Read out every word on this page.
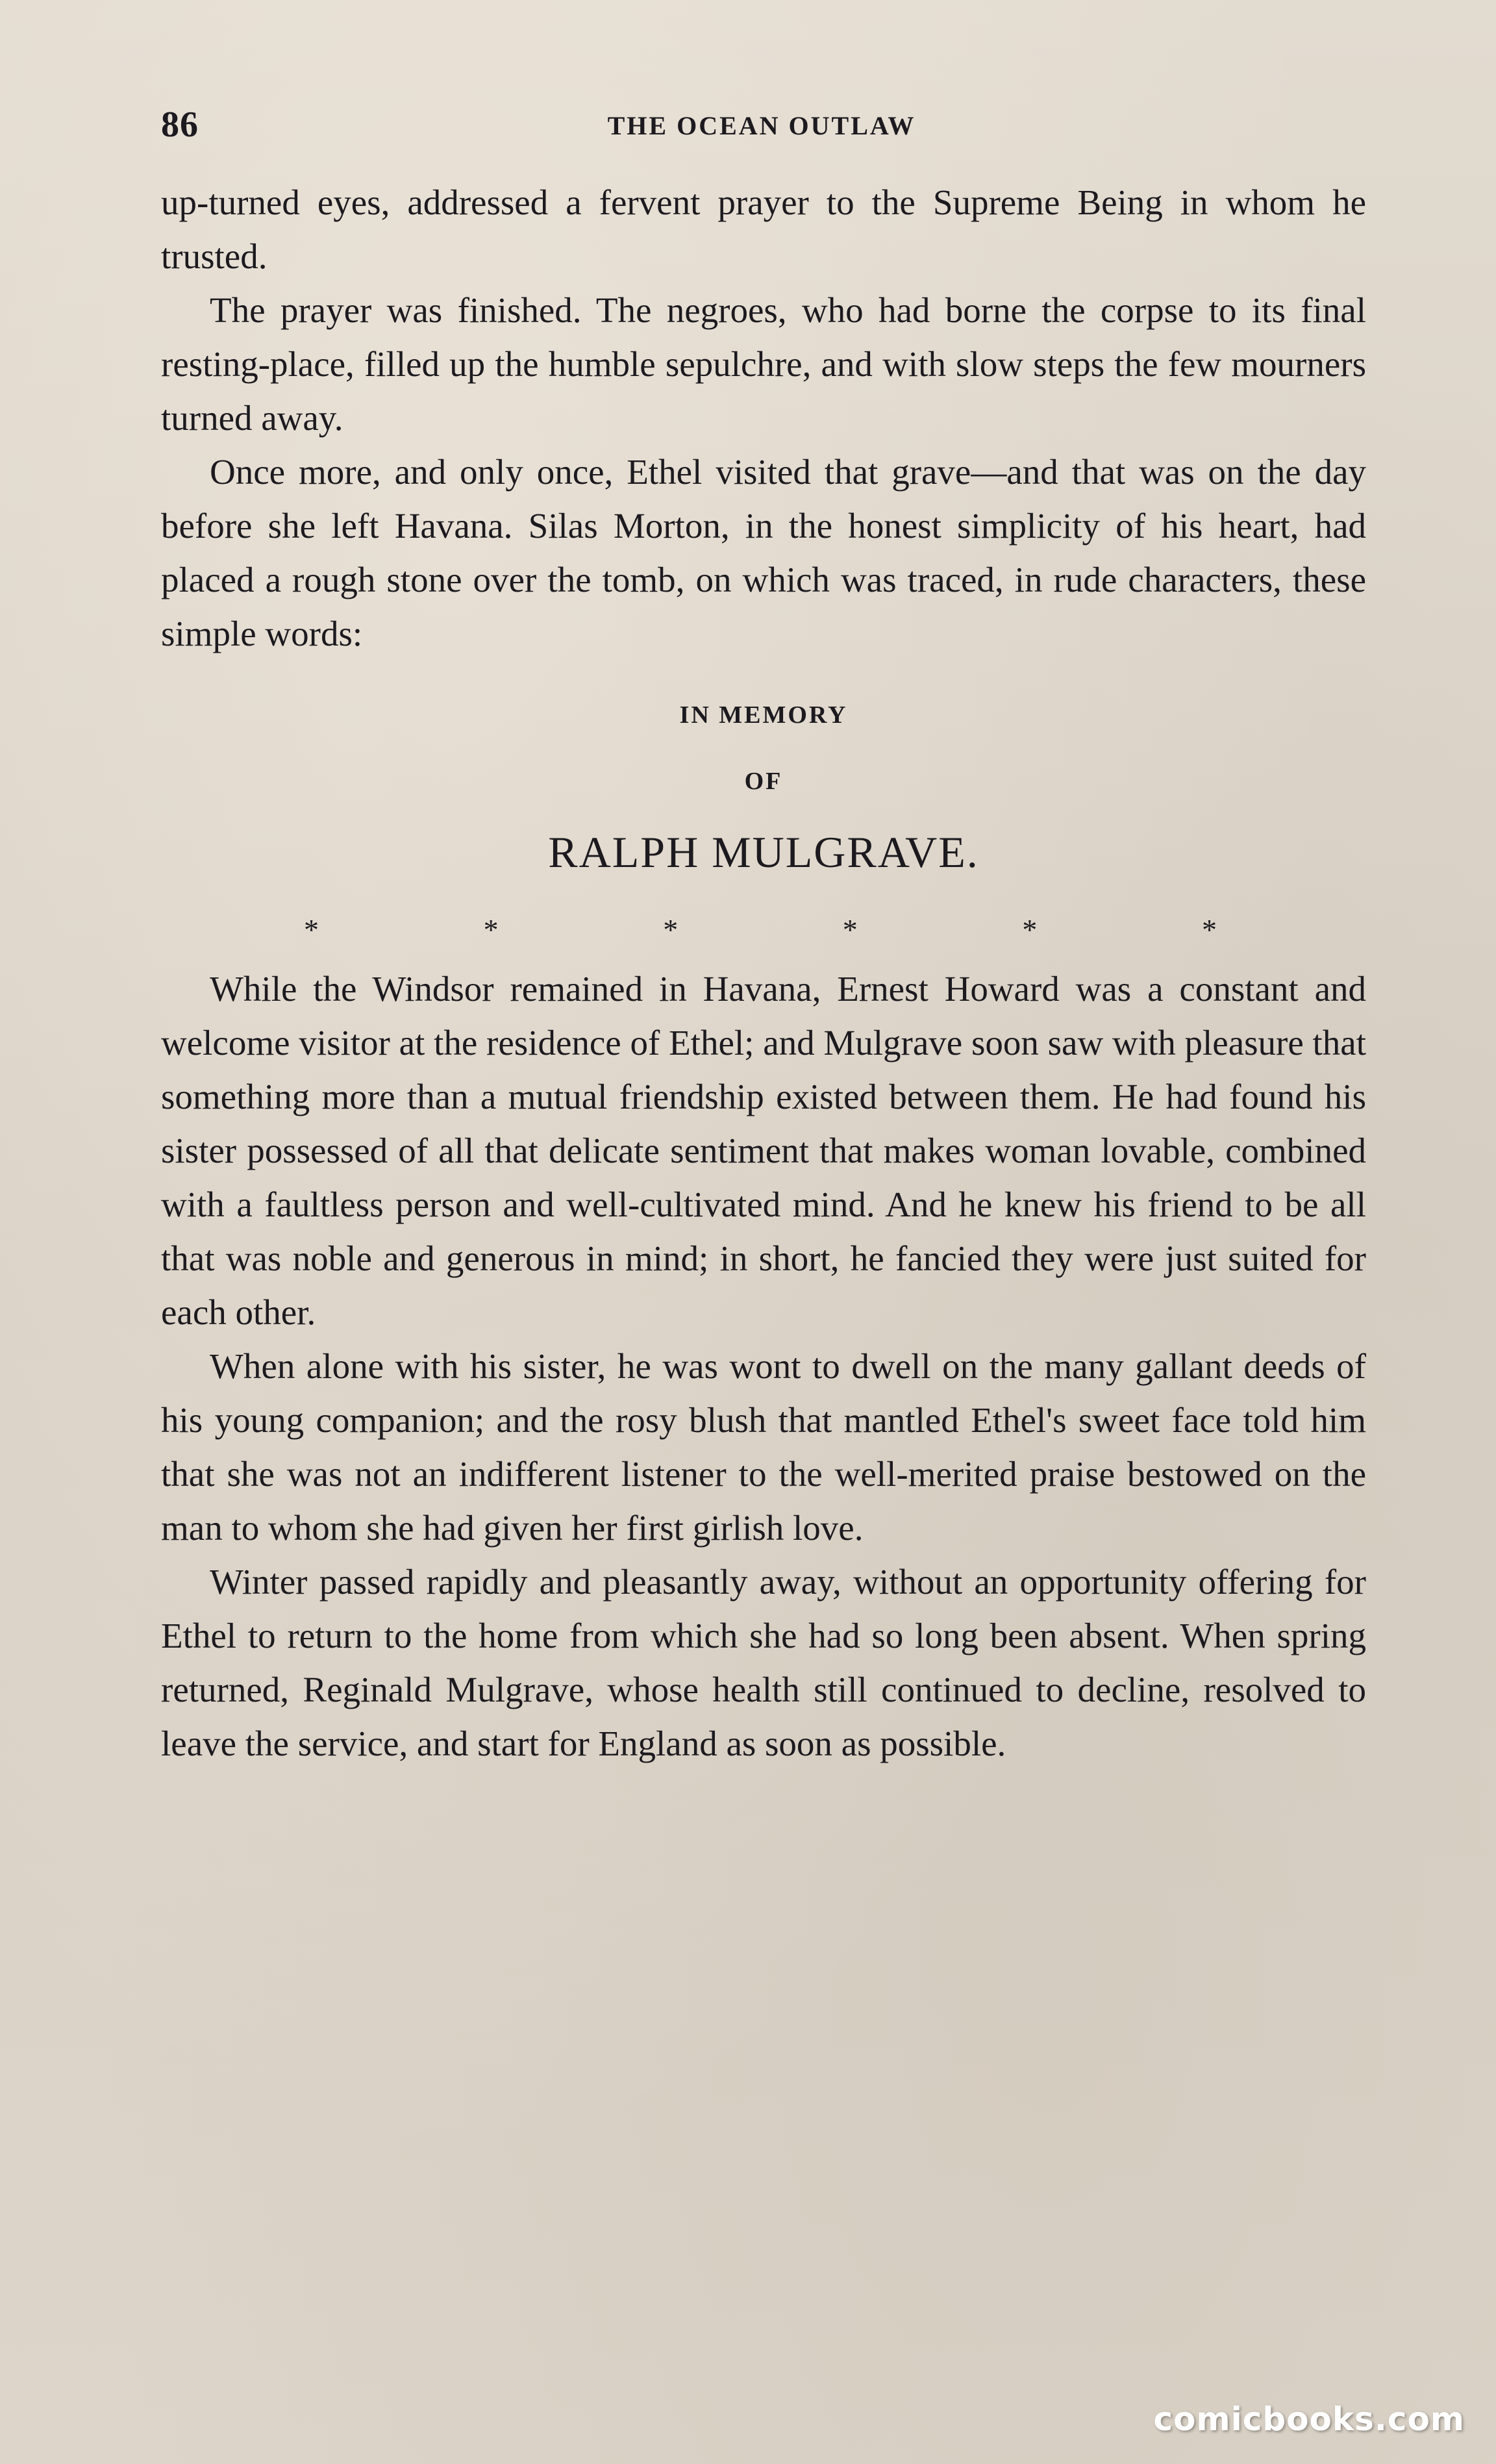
86	THE OCEAN OUTLAW

up-turned eyes, addressed a fervent prayer to the Supreme Being in whom he trusted.

The prayer was finished. The negroes, who had borne the corpse to its final resting-place, filled up the humble sepulchre, and with slow steps the few mourners turned away.

Once more, and only once, Ethel visited that grave—and that was on the day before she left Havana. Silas Morton, in the honest simplicity of his heart, had placed a rough stone over the tomb, on which was traced, in rude characters, these simple words:

IN MEMORY
OF
RALPH MULGRAVE.
*	*	*	*	*	*

While the Windsor remained in Havana, Ernest Howard was a constant and welcome visitor at the residence of Ethel; and Mulgrave soon saw with pleasure that something more than a mutual friendship existed between them. He had found his sister possessed of all that delicate sentiment that makes woman lovable, combined with a faultless person and well-cultivated mind. And he knew his friend to be all that was noble and generous in mind; in short, he fancied they were just suited for each other.

When alone with his sister, he was wont to dwell on the many gallant deeds of his young companion; and the rosy blush that mantled Ethel's sweet face told him that she was not an indifferent listener to the well-merited praise bestowed on the man to whom she had given her first girlish love.

Winter passed rapidly and pleasantly away, without an opportunity offering for Ethel to return to the home from which she had so long been absent. When spring returned, Reginald Mulgrave, whose health still continued to decline, resolved to leave the service, and start for England as soon as possible.

comicbooks.com
